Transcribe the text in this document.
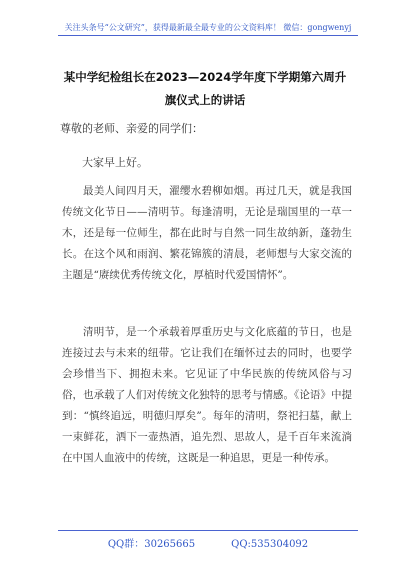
关注头条号“公文研究”，获得最新最全最专业的公文资料库！ 微信：gongwenyj
某中学纪检组长在2023—2024学年度下学期第六周升旗仪式上的讲话
尊敬的老师、亲爱的同学们：
大家早上好。
最美人间四月天，濯缨水碧柳如烟。再过几天，就是我国传统文化节日——清明节。每逢清明，无论是瑞国里的一草一木，还是每一位师生，都在此时与自然一同生故纳新，蓬勃生长。在这个风和雨润、繁花锦簇的清晨，老师想与大家交流的主题是“赓续优秀传统文化，厚植时代爱国情怀”。
清明节，是一个承载着厚重历史与文化底蕴的节日，也是连接过去与未来的纽带。它让我们在缅怀过去的同时，也要学会珍惜当下、拥抱未来。它见证了中华民族的传统风俗与习俗，也承载了人们对传统文化独特的思考与情感。《论语》中提到：“慎终追远，明德归厚矣”。每年的清明，祭祀扫墓，献上一束鲜花，洒下一壶热酒，追先烈、思故人，是千百年来流淌在中国人血液中的传统，这既是一种追思，更是一种传承。
QQ群：30265665	QQ:535304092
